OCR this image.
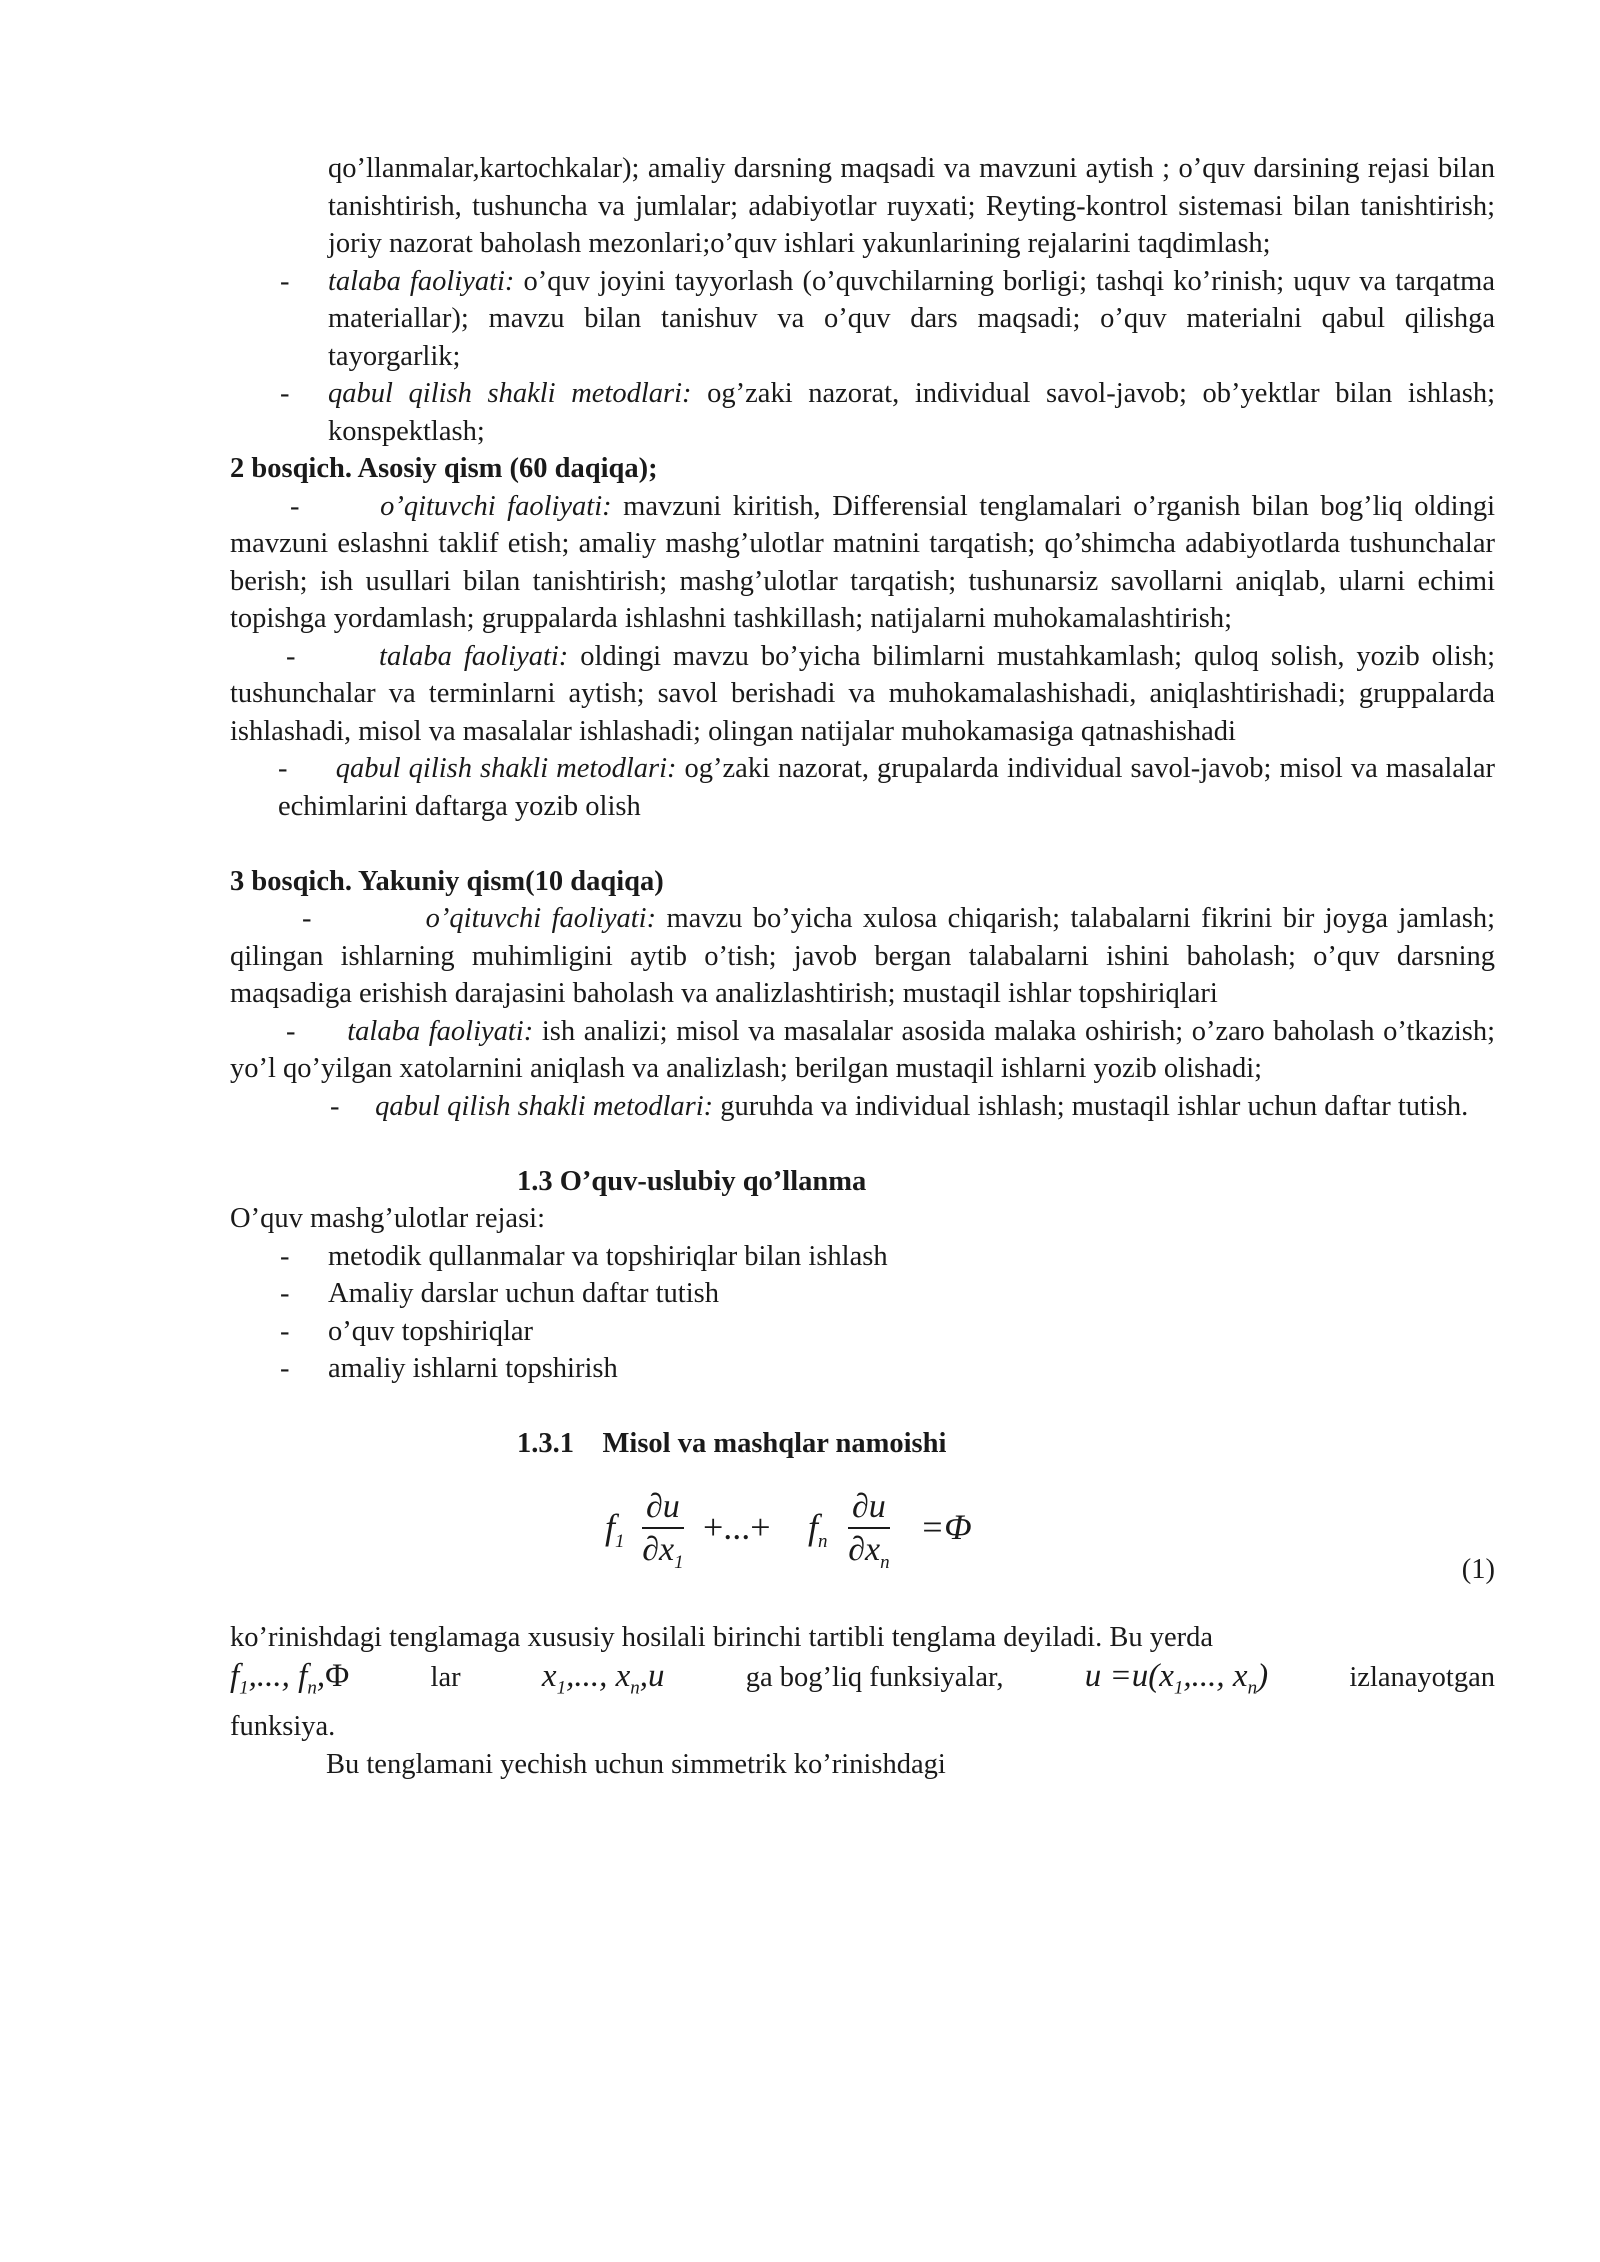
qo’llanmalar,kartochkalar); amaliy darsning maqsadi va mavzuni aytish ; o’quv darsining rejasi bilan tanishtirish, tushuncha va jumlalar; adabiyotlar ruyxati; Reyting-kontrol sistemasi bilan tanishtirish; joriy nazorat baholash mezonlari;o’quv ishlari yakunlarining rejalarini taqdimlash;
- talaba faoliyati: o’quv joyini tayyorlash (o’quvchilarning borligi; tashqi ko’rinish; uquv va tarqatma materiallar); mavzu bilan tanishuv va o’quv dars maqsadi; o’quv materialni qabul qilishga tayorgarlik;
- qabul qilish shakli metodlari: og’zaki nazorat, individual savol-javob; ob’yektlar bilan ishlash; konspektlash;
2 bosqich. Asosiy qism (60 daqiqa);
-       o’qituvchi faoliyati: mavzuni kiritish, Differensial tenglamalari o’rganish bilan bog’liq oldingi mavzuni eslashni taklif etish; amaliy mashg’ulotlar matnini tarqatish; qo’shimcha adabiyotlarda tushunchalar berish; ish usullari bilan tanishtirish; mashg’ulotlar tarqatish; tushunarsiz savollarni aniqlab, ularni echimi topishga yordamlash; gruppalarda ishlashni tashkillash; natijalarni muhokamalashtirish;
-       talaba faoliyati: oldingi mavzu bo’yicha bilimlarni mustahkamlash; quloq solish, yozib olish; tushunchalar va terminlarni aytish; savol berishadi va muhokamalashishadi, aniqlashtirishadi; gruppalarda ishlashadi, misol va masalalar ishlashadi; olingan natijalar muhokamasiga qatnashishadi
-      qabul qilish shakli metodlari: og’zaki nazorat, grupalarda individual savol-javob; misol va masalalar echimlarini daftarga yozib olish
3 bosqich. Yakuniy qism(10 daqiqa)
-           o’qituvchi faoliyati: mavzu bo’yicha xulosa chiqarish; talabalarni fikrini bir joyga jamlash; qilingan ishlarning muhimligini aytib o’tish; javob bergan talabalarni ishini baholash; o’quv darsning maqsadiga erishish darajasini baholash va analizlashtirish; mustaqil ishlar topshiriqlari
-      talaba faoliyati: ish analizi; misol va masalalar asosida malaka oshirish; o’zaro baholash o’tkazish; yo’l qo’yilgan xatolarnini aniqlash va analizlash; berilgan mustaqil ishlarni yozib olishadi;
-     qabul qilish shakli metodlari: guruhda va individual ishlash; mustaqil ishlar uchun daftar tutish.
1.3 O’quv-uslubiy qo’llanma
O’quv mashg’ulotlar rejasi:
- metodik qullanmalar va topshiriqlar bilan ishlash
- Amaliy darslar uchun daftar tutish
- o’quv topshiriqlar
- amaliy ishlarni topshirish
1.3.1    Misol va mashqlar namoishi
$f_1 \frac{\partial u}{\partial x_1}$ +...+ $f_n \frac{\partial u}{\partial x_n} =\Phi$
(1)
ko’rinishdagi tenglamaga xususiy hosilali birinchi tartibli tenglama deyiladi. Bu yerda
$f_1$,..., $f_n,\Phi$	lar $x_1$,..., $x_n,u$	ga bog’liq funksiyalar, $u =u(x_1$,..., $x_n$)	izlanayotgan
funksiya.
Bu tenglamani yechish uchun simmetrik ko’rinishdagi
